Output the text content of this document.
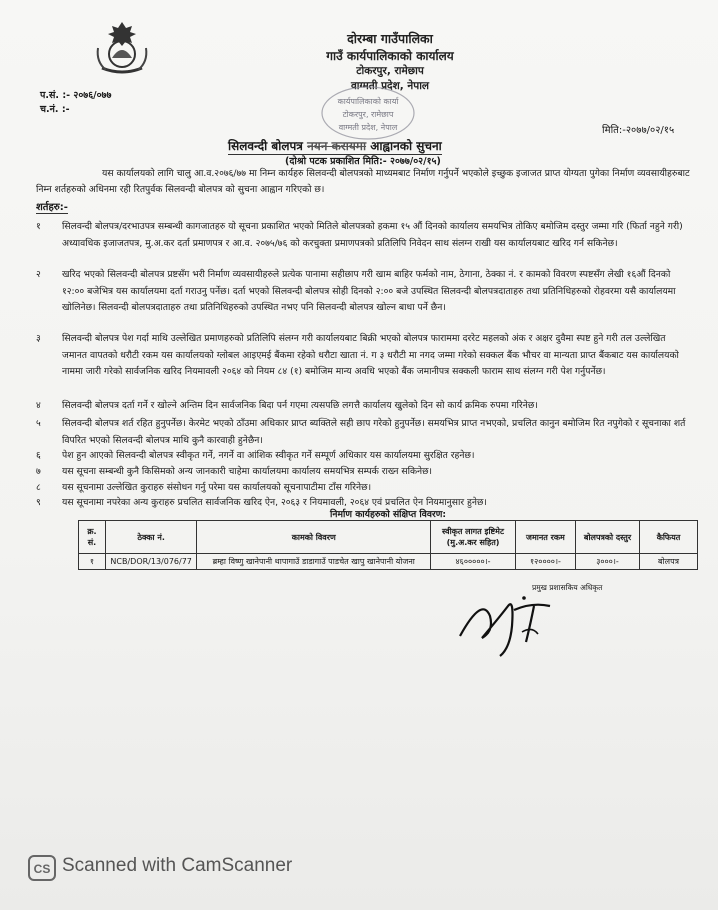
दोरम्बा गाउँपालिका
गाउँ कार्यपालिकाको कार्यालय
टोकरपुर, रामेछाप
वाग्मती प्रदेश, नेपाल
प.सं. :- २०७६/०७७
च.नं. :-
कार्यपालिकाको कार्या
टोकरपुर, रामेछाप
वाग्मती प्रदेश, नेपाल	मिति:-२०७७/०२/१५
सिलवन्दी बोलपत्र नयन करायमा आह्वानको सुचना
(दोश्रो पटक प्रकाशित मिति:- २०७७/०२/१५)
यस कार्यालयको लागि चालु आ.व.२०७६/७७ मा निम्न कार्यहरु सिलवन्दी बोलपत्रको माध्यमबाट निर्माण गर्नुपर्ने भएकोले इच्छुक इजाजत प्राप्त योग्यता पुगेका निर्माण व्यवसायीहरुबाट निम्न शर्तहरुको अधिनमा रही रितपुर्वक सिलवन्दी बोलपत्र को सुचना आह्वान गरिएको छ।
शर्तहरु:-
१ सिलवन्दी बोलपत्र/दरभाउपत्र सम्बन्धी कागजातहरु यो सूचना प्रकाशित भएको मितिले बोलपत्रको हकमा १५ औं दिनको कार्यालय समयभित्र तोकिए बमोजिम दस्तुर जम्मा गरि (फिर्ता नहुने गरी) अध्यावधिक इजाजतपत्र, मु.अ.कर दर्ता प्रमाणपत्र र आ.व. २०७५/७६ को करचुक्ता प्रमाणपत्रको प्रतिलिपि निवेदन साथ संलग्न राखी यस कार्यालयबाट खरिद गर्न सकिनेछ।
२ खरिद भएको सिलवन्दी बोलपत्र प्रष्टसँग भरी निर्माण व्यवसायीहरुले प्रत्येक पानामा सहीछाप गरी खाम बाहिर फर्मको नाम, ठेगाना, ठेक्का नं. र कामको विवरण स्पष्टसँग लेखी १६औं दिनको १२:०० बजेभित्र यस कार्यालयमा दर्ता गराउनु पर्नेछ। दर्ता भएको सिलवन्दी बोलपत्र सोही दिनको २:०० बजे उपस्थित सिलवन्दी बोलपत्रदाताहरु तथा प्रतिनिधिहरुको रोहवरमा यसै कार्यालयमा खोलिनेछ। सिलवन्दी बोलपत्रदाताहरु तथा प्रतिनिधिहरुको उपस्थित नभए पनि सिलवन्दी बोलपत्र खोल्न बाधा पर्ने छैन।
३ सिलवन्दी बोलपत्र पेश गर्दा माथि उल्लेखित प्रमाणहरुको प्रतिलिपि संलग्न गरी कार्यालयबाट बिक्री भएको बोलपत्र फाराममा दररेट महलको अंक र अक्षर दुवैमा स्पष्ट हुने गरी तल उल्लेखित जमानत वापतको धरौटी रकम यस कार्यालयको ग्लोबल आइएमई बैंकमा रहेको धरौटा खाता नं. ग ३ धरौटी मा नगद जम्मा गरेको सक्कल बैंक भौचर वा मान्यता प्राप्त बैंकबाट यस कार्यालयको नाममा जारी गरेको सार्वजनिक खरिद नियमावली २०६४ को नियम ८४ (१) बमोजिम मान्य अवधि भएको बैंक जमानीपत्र सक्कली फाराम साथ संलग्न गरी पेश गर्नुपर्नेछ।
४ सिलवन्दी बोलपत्र दर्ता गर्ने र खोल्ने अन्तिम दिन सार्वजनिक बिदा पर्न गएमा त्यसपछि लगत्तै कार्यालय खुलेको दिन सो कार्य क्रमिक रुपमा गरिनेछ।
५ सिलवन्दी बोलपत्र शर्त रहित हुनुपर्नेछ। केरमेट भएको ठाँउमा अधिकार प्राप्त ब्यक्तिले सही छाप गरेको हुनुपर्नेछ। समयभित्र प्राप्त नभएको, प्रचलित कानुन बमोजिम रित नपुगेको र सूचनाका शर्त विपरित भएको सिलवन्दी बोलपत्र माथि कुनै कारवाही हुनेछैन।
६ पेश हुन आएको सिलवन्दी बोलपत्र स्वीकृत गर्ने, नगर्ने वा आंशिक स्वीकृत गर्ने सम्पूर्ण अधिकार यस कार्यालयमा सुरक्षित रहनेछ।
७ यस सूचना सम्बन्धी कुनै किसिमको अन्य जानकारी चाहेमा कार्यालयमा कार्यालय समयभित्र सम्पर्क राख्न सकिनेछ।
८ यस सूचनामा उल्लेखित कुराहरु संसोधन गर्नु परेमा यस कार्यालयको सूचनापाटीमा टाँस गरिनेछ।
९ यस सूचनामा नपरेका अन्य कुराहरु प्रचलित सार्वजनिक खरिद ऐन, २०६३ र नियमावली, २०६४ एवं प्रचलित ऐन नियमानुसार हुनेछ।
निर्माण कार्यहरुको संक्षिप्त विवरण:
क्र. सं.	ठेक्का नं.	कामको विवरण	स्वीकृत लागत इष्टिमेट (मु.अ.कर सहित)	जमानत रकम	बोलपत्रको दस्तुर	कैफियत
१	NCB/DOR/13/076/77	ब्रम्हा विष्णु खानेपानी थापागाउँ डाडागाउँ पाडचेत खापु खानेपानी योजना	४६०००००।-	१२००००।-	३०००।-	बोलपत्र
प्रमुख प्रशासकिय अधिकृत
CS Scanned with CamScanner
